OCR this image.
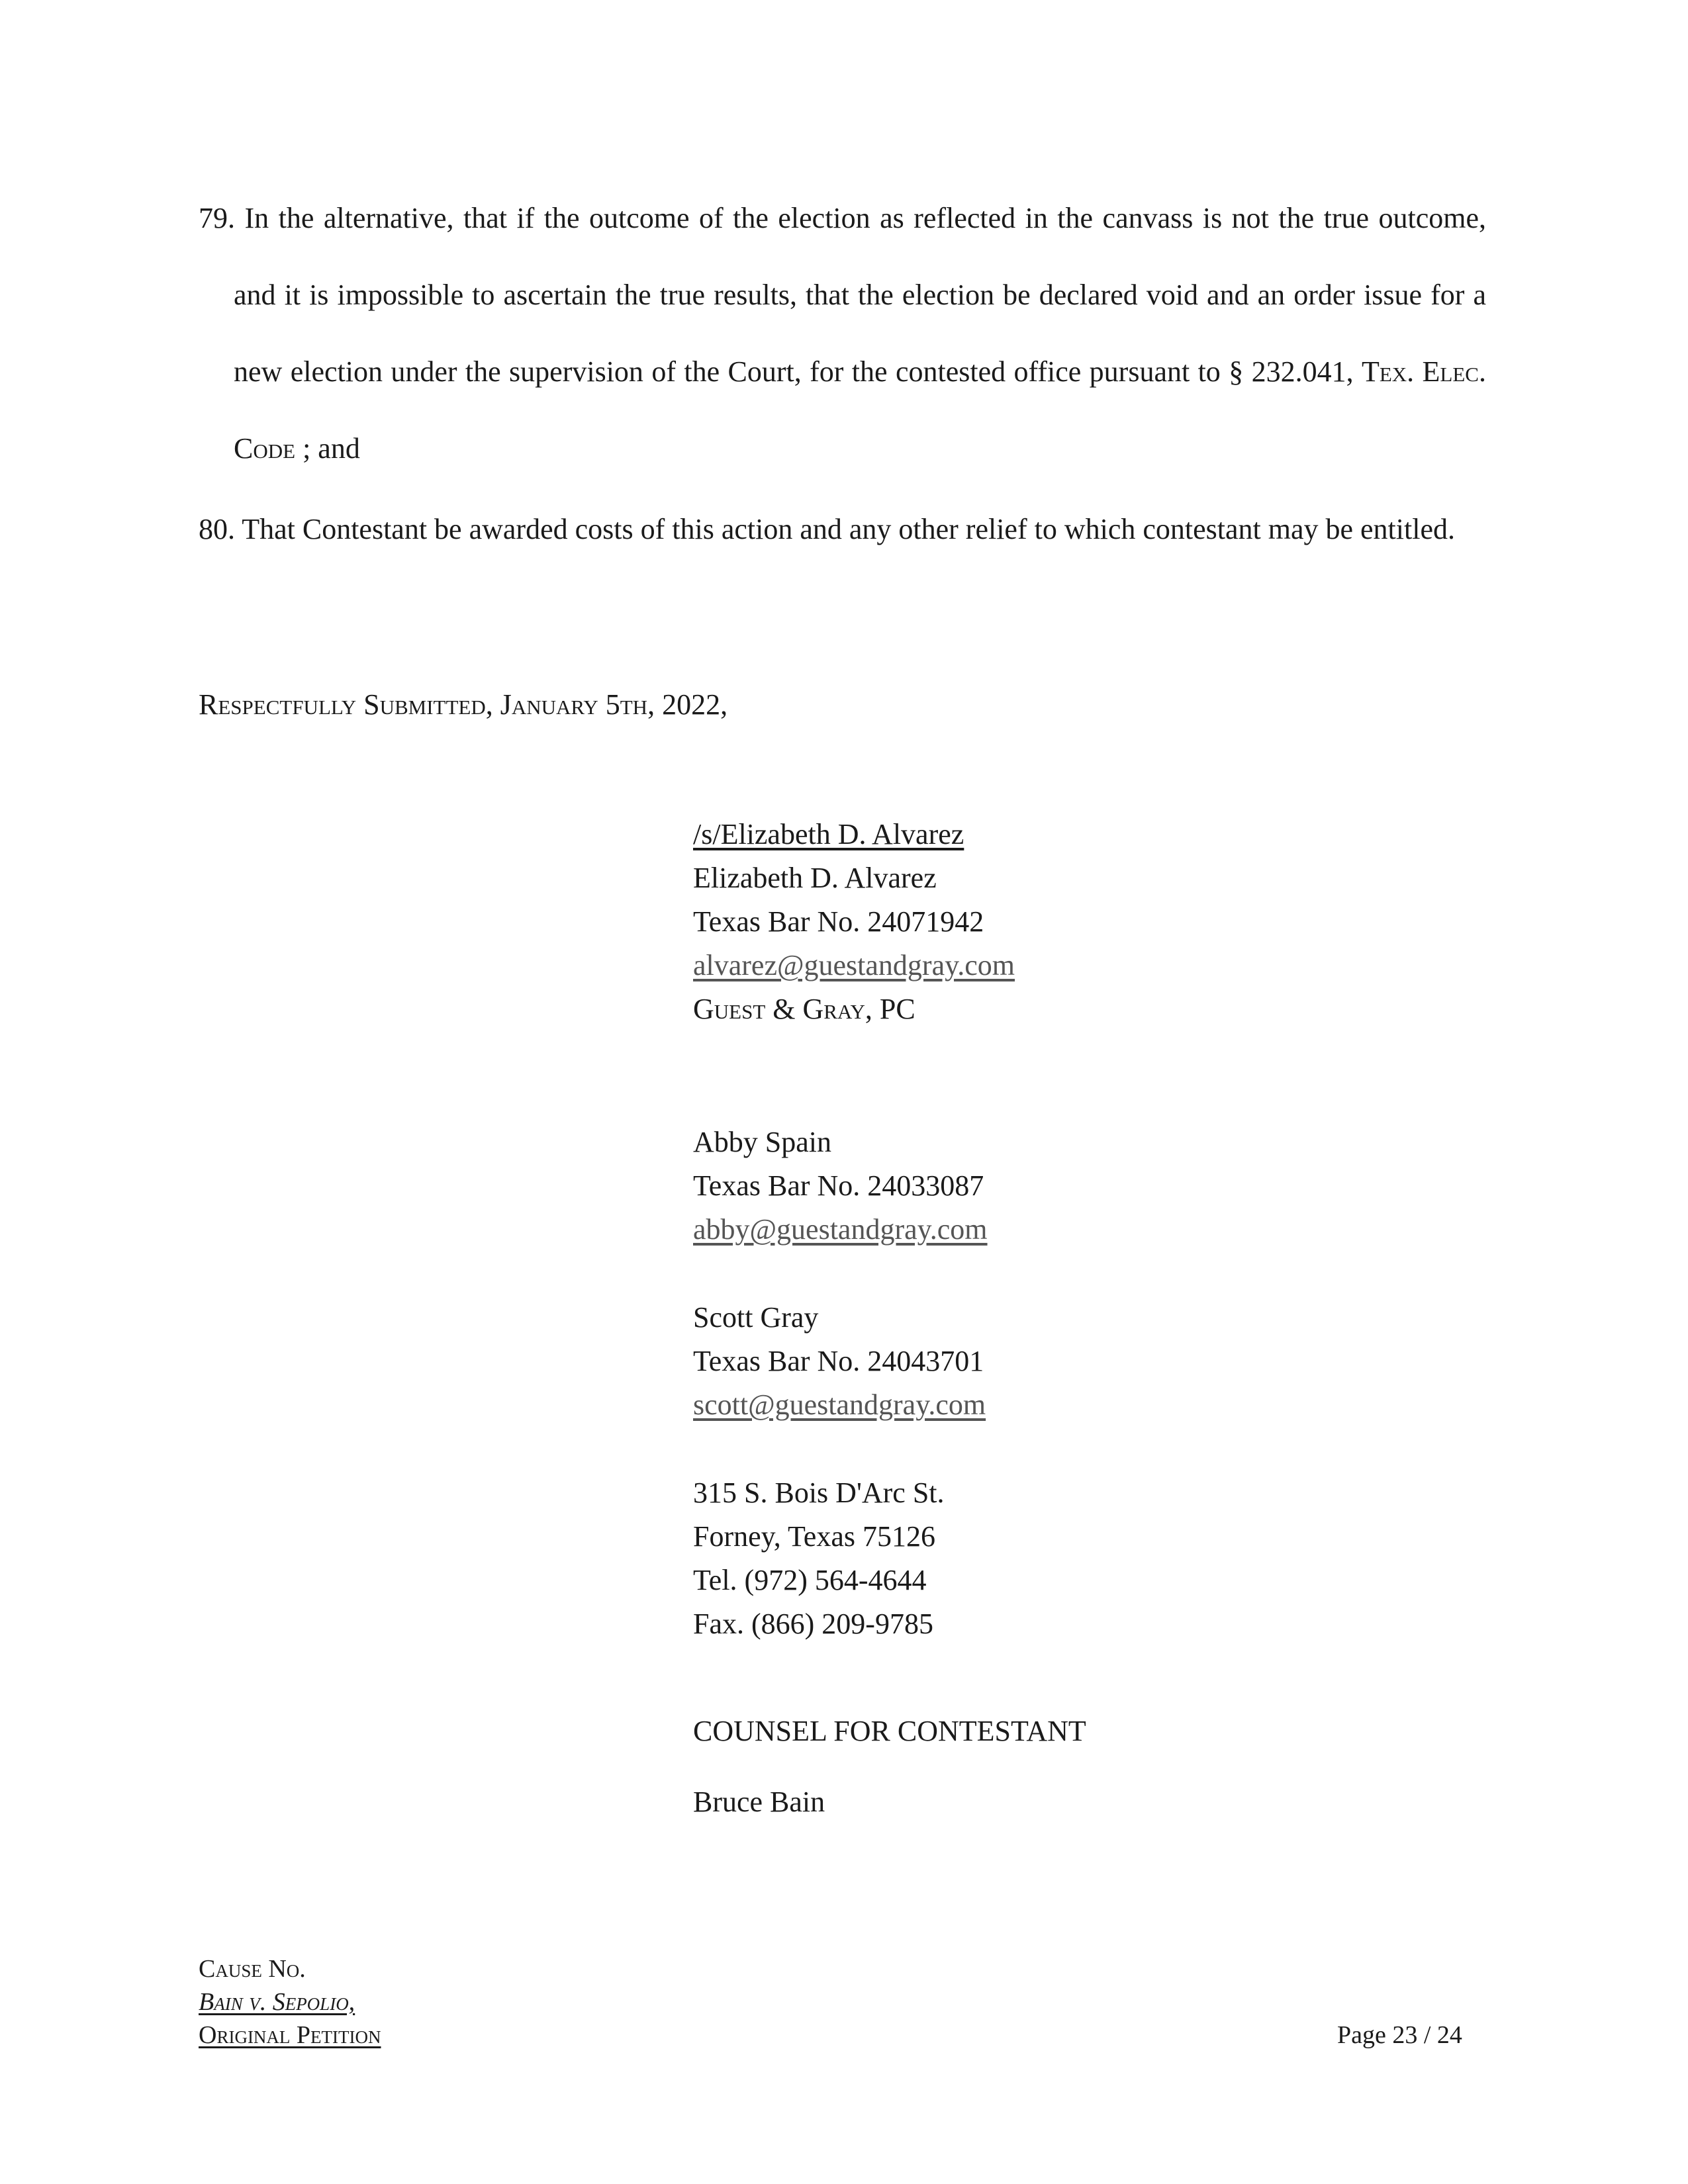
79. In the alternative, that if the outcome of the election as reflected in the canvass is not the true outcome, and it is impossible to ascertain the true results, that the election be declared void and an order issue for a new election under the supervision of the Court, for the contested office pursuant to § 232.041, Tex. Elec. Code ; and
80. That Contestant be awarded costs of this action and any other relief to which contestant may be entitled.
Respectfully Submitted, January 5th, 2022,
/s/Elizabeth D. Alvarez
Elizabeth D. Alvarez
Texas Bar No. 24071942
alvarez@guestandgray.com
Guest & Gray, PC
Abby Spain
Texas Bar No. 24033087
abby@guestandgray.com
Scott Gray
Texas Bar No. 24043701
scott@guestandgray.com
315 S. Bois D'Arc St.
Forney, Texas 75126
Tel. (972) 564-4644
Fax. (866) 209-9785
COUNSEL FOR CONTESTANT
Bruce Bain
Cause No.
Bain v. Sepolio,
Original Petition	Page 23 / 24
